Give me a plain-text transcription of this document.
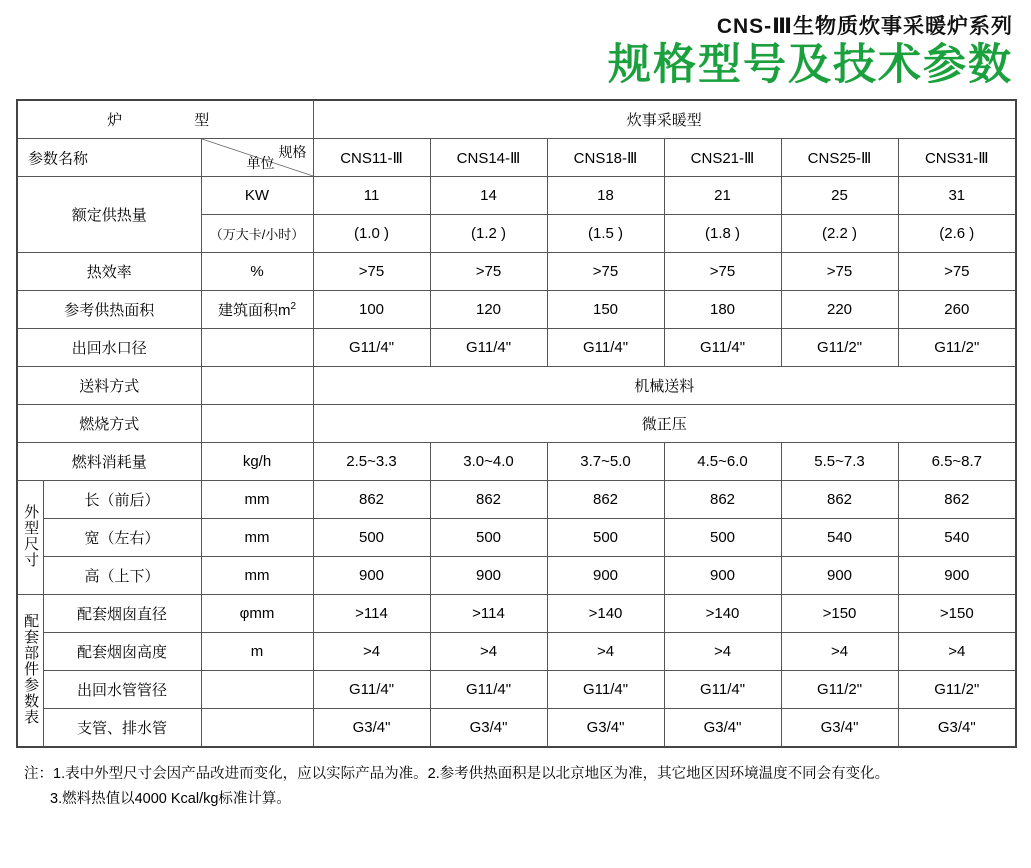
CNS-Ⅲ生物质炊事采暖炉系列
规格型号及技术参数
炉　　型			炊事采暖型					

参数名称		规格
单位	CNS11-Ⅲ	CNS14-Ⅲ	CNS18-Ⅲ	CNS21-Ⅲ	CNS25-Ⅲ	CNS31-Ⅲ
额定供热量		KW	11	14	18	21	25	31
		（万大卡/小时）	(1.0 )	(1.2 )	(1.5 )	(1.8 )	(2.2 )	(2.6 )
热效率		%	>75	>75	>75	>75	>75	>75
参考供热面积		建筑面积$m^2$	100	120	150	180	220	260
出回水口径			G11/4"	G11/4"	G11/4"	G11/4"	G11/2"	G11/2"
送料方式			机械送料					
燃烧方式			微正压					
燃料消耗量		kg/h	2.5~3.3	3.0~4.0	3.7~5.0	4.5~6.0	5.5~7.3	6.5~8.7
外型尺寸	长（前后）	mm	862	862	862	862	862	862
	宽（左右）	mm	500	500	500	500	540	540
	高（上下）	mm	900	900	900	900	900	900
配套部件参数表	配套烟囱直径	φmm	>114	>114	>140	>140	>150	>150
	配套烟囱高度	m	>4	>4	>4	>4	>4	>4
	出回水管管径		G11/4"	G11/4"	G11/4"	G11/4"	G11/2"	G11/2"
	支管、排水管		G3/4"	G3/4"	G3/4"	G3/4"	G3/4"	G3/4"
注：1.表中外型尺寸会因产品改进而变化，应以实际产品为准。2.参考供热面积是以北京地区为准，其它地区因环境温度不同会有变化。
3.燃料热值以4000 Kcal/kg标准计算。
